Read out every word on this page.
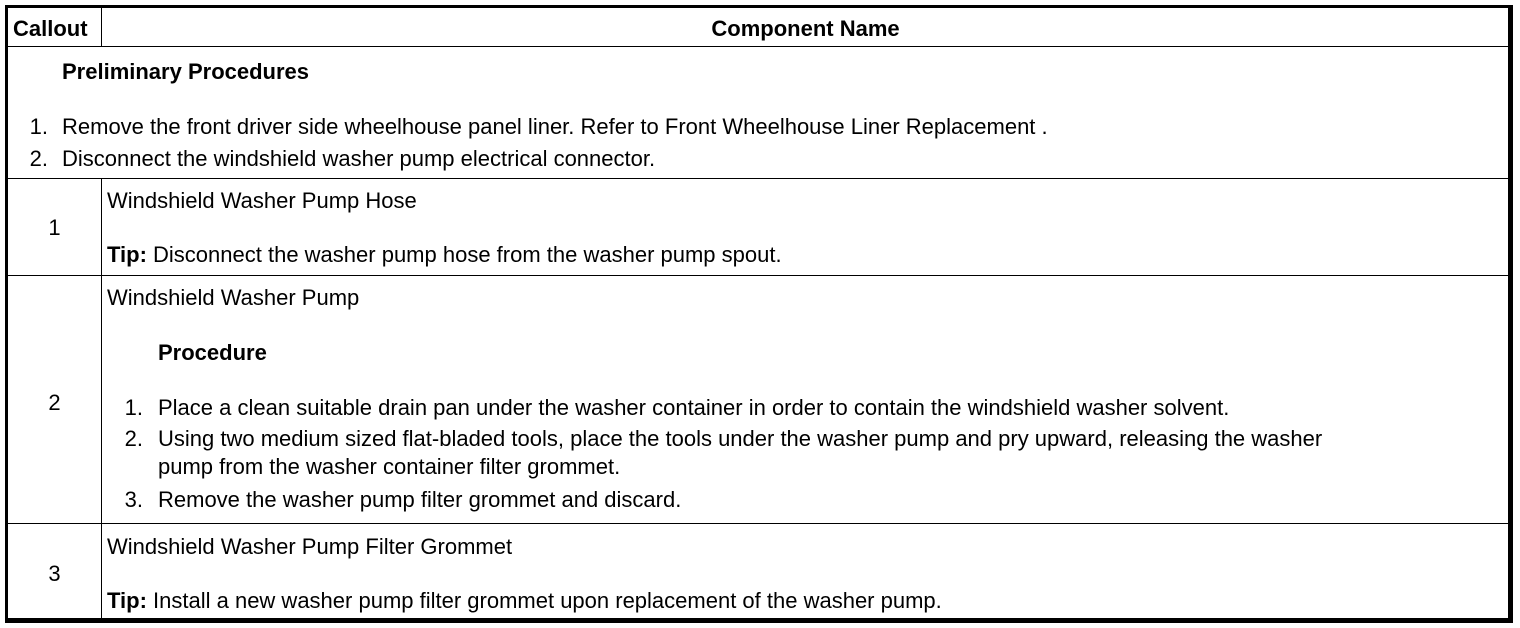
Callout	Component Name
Preliminary Procedures
1. Remove the front driver side wheelhouse panel liner. Refer to Front Wheelhouse Liner Replacement .
2. Disconnect the windshield washer pump electrical connector.
1
Windshield Washer Pump Hose
Tip: Disconnect the washer pump hose from the washer pump spout.
2
Windshield Washer Pump
Procedure
1. Place a clean suitable drain pan under the washer container in order to contain the windshield washer solvent.
2. Using two medium sized flat-bladed tools, place the tools under the washer pump and pry upward, releasing the washer
pump from the washer container filter grommet.
3. Remove the washer pump filter grommet and discard.
3
Windshield Washer Pump Filter Grommet
Tip: Install a new washer pump filter grommet upon replacement of the washer pump.
